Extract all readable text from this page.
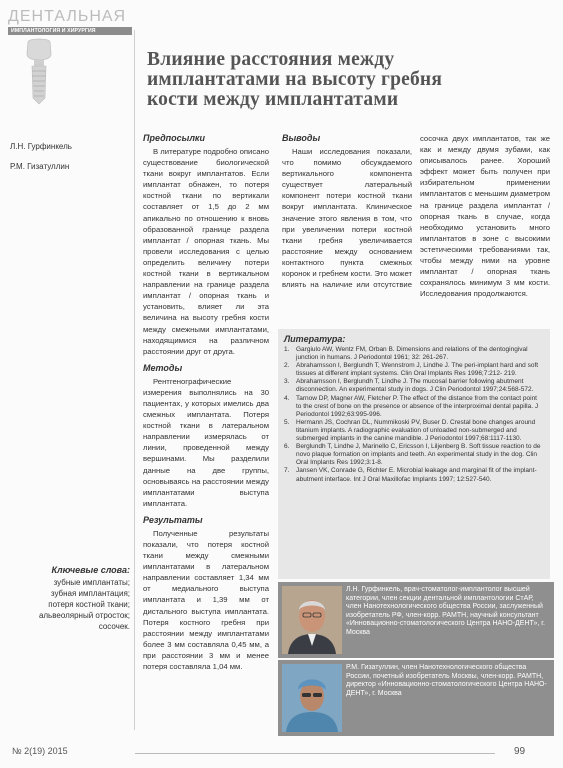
ДЕНТАЛЬНАЯ
ИМПЛАНТОЛОГИЯ И ХИРУРГИЯ
Влияние расстояния между
имплантатами на высоту гребня
кости между имплантатами
Л.Н. Гурфинкель
Р.М. Гизатуллин
Предпосылки

В литературе подробно описано существование биологической ткани вокруг имплантатов. Если имплантат обнажен, то потеря костной ткани по вертикали составляет от 1,5 до 2 мм апикально по отношению к вновь образованной границе раздела имплантат / опорная ткань. Мы провели исследования с целью определить величину потери костной ткани в вертикальном направлении на границе раздела имплантат / опорная ткань и установить, влияет ли эта величина на высоту гребня кости между смежными имплантатами, находящимися на различном расстоянии друг от друга.

Методы

Рентгенографические измерения выполнялись на 30 пациентах, у которых имелись два смежных имплантата. Потеря костной ткани в латеральном направлении измерялась от линии, проведенной между вершинами. Мы разделили данные на две группы, основываясь на расстоянии между имплантатами выступа имплантата.

Результаты

Полученные результаты показали, что потеря костной ткани между смежными имплантатами в латеральном направлении составляет 1,34 мм от медиального выступа имплантата и 1,39 мм от дистального выступа имплантата. Потеря костного гребня при расстоянии между имплантатами более 3 мм составляла 0,45 мм, а при расстоянии 3 мм и менее потеря составляла 1,04 мм.

Выводы

Наши исследования показали, что помимо обсуждаемого вертикального компонента существует латеральный компонент потери костной ткани вокруг имплантата. Клиническое значение этого явления в том, что при увеличении потери костной ткани гребня увеличивается расстояние между основанием контактного пункта смежных коронок и гребнем кости. Это может влиять на наличие или отсутствие сосочка двух имплантатов, так же как и между двумя зубами, как описывалось ранее. Хороший эффект может быть получен при избирательном применении имплантатов с меньшим диаметром на границе раздела имплантат / опорная ткань в случае, когда необходимо установить много имплантатов в зоне с высокими эстетическими требованиями так, чтобы между ними на уровне имплантат / опорная ткань сохранялось минимум 3 мм кости. Исследования продолжаются.

Ключевые слова:
зубные имплантаты;
зубная имплантация;
потеря костной ткани;
альвеолярный отросток;
сосочек.
Литература:
1. Gargiulo AW, Wentz FM, Orban B. Dimensions and relations of the dentogingival junction in humans. J Periodontol 1961; 32: 261-267.
2. Abrahamsson I, Berglundh T, Wennstrom J, Lindhe J. The peri-implant hard and soft tissues at different implant systems. Clin Oral Implants Res 1996;7:212- 219.
3. Abrahamsson I, Berglundh T, Lindhe J. The mucosal barrier following abutment disconnection. An experimental study in dogs. J Clin Periodontol 1997;24:568-572.
4. Tarnow DP, Magner AW, Fletcher P. The effect of the distance from the contact point to the crest of bone on the presence or absence of the interproximal dental papilla. J Periodontol 1992;63:995-996.
5. Hermann JS, Cochran DL, Nummikoski PV, Buser D. Crestal bone changes around titanium implants. A radiographic evaluation of unloaded non-submerged and submerged implants in the canine mandible. J Periodontol 1997;68:1117-1130.
6. Berglundh T, Lindhe J, Marinello C, Ericsson I, Liljenberg B. Soft tissue reaction to de novo plaque formation on implants and teeth. An experimental study in the dog. Clin Oral Implants Res 1992;3:1-8.
7. Jansen VK, Conrade G, Richter E. Microbial leakage and marginal fit of the implant-abutment interface. Int J Oral Maxillofac Implants 1997; 12:527-540.
Л.Н. Гурфинкель, врач-стоматолог-имплантолог высшей категории, член секции дентальной имплантологии СтАР, член Нанотехнологического общества России, заслуженный изобретатель РФ, член-корр. РАМТН, научный консультант «Инновационно-стоматологического Центра НАНО-ДЕНТ», г. Москва
Р.М. Гизатуллин, член Нанотехнологического общества России, почетный изобретатель Москвы, член-корр. РАМТН, директор «Инновационно-стоматологического Центра НАНО-ДЕНТ», г. Москва
№ 2(19) 2015	99
